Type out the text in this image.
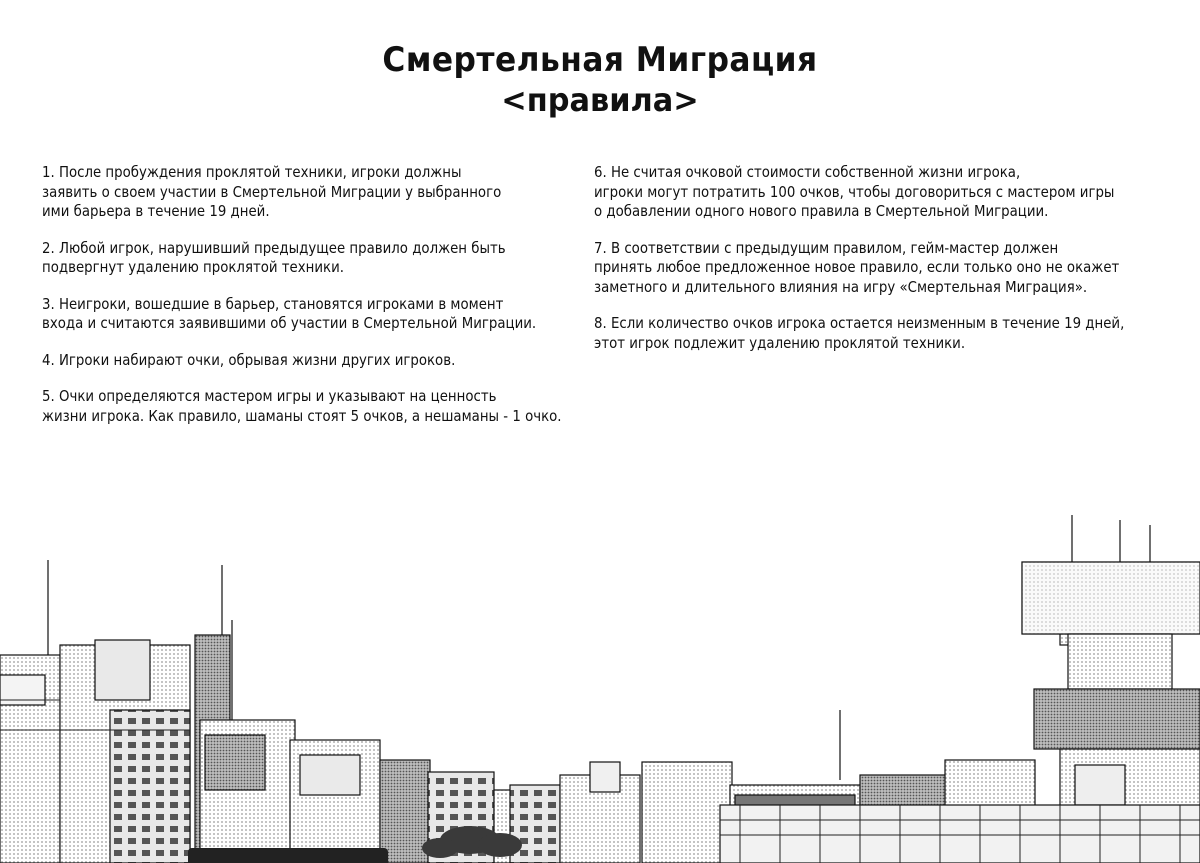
Смертельная Миграция
<правила>

1. После пробуждения проклятой техники, игроки должны
заявить о своем участии в Смертельной Миграции у выбранного
ими барьера в течение 19 дней.

2. Любой игрок, нарушивший предыдущее правило должен быть
подвергнут удалению проклятой техники.

3. Неигроки, вошедшие в барьер, становятся игроками в момент
входа и считаются заявившими об участии в Смертельной Миграции.

4. Игроки набирают очки, обрывая жизни других игроков.

5. Очки определяются мастером игры и указывают на ценность
жизни игрока. Как правило, шаманы стоят 5 очков, а нешаманы - 1 очко.

6. Не считая очковой стоимости собственной жизни игрока,
игроки могут потратить 100 очков, чтобы договориться с мастером игры
о добавлении одного нового правила в Смертельной Миграции.

7. В соответствии с предыдущим правилом, гейм-мастер должен
принять любое предложенное новое правило, если только оно не окажет
заметного и длительного влияния на игру «Смертельная Миграция».

8. Если количество очков игрока остается неизменным в течение 19 дней,
этот игрок подлежит удалению проклятой техники.
